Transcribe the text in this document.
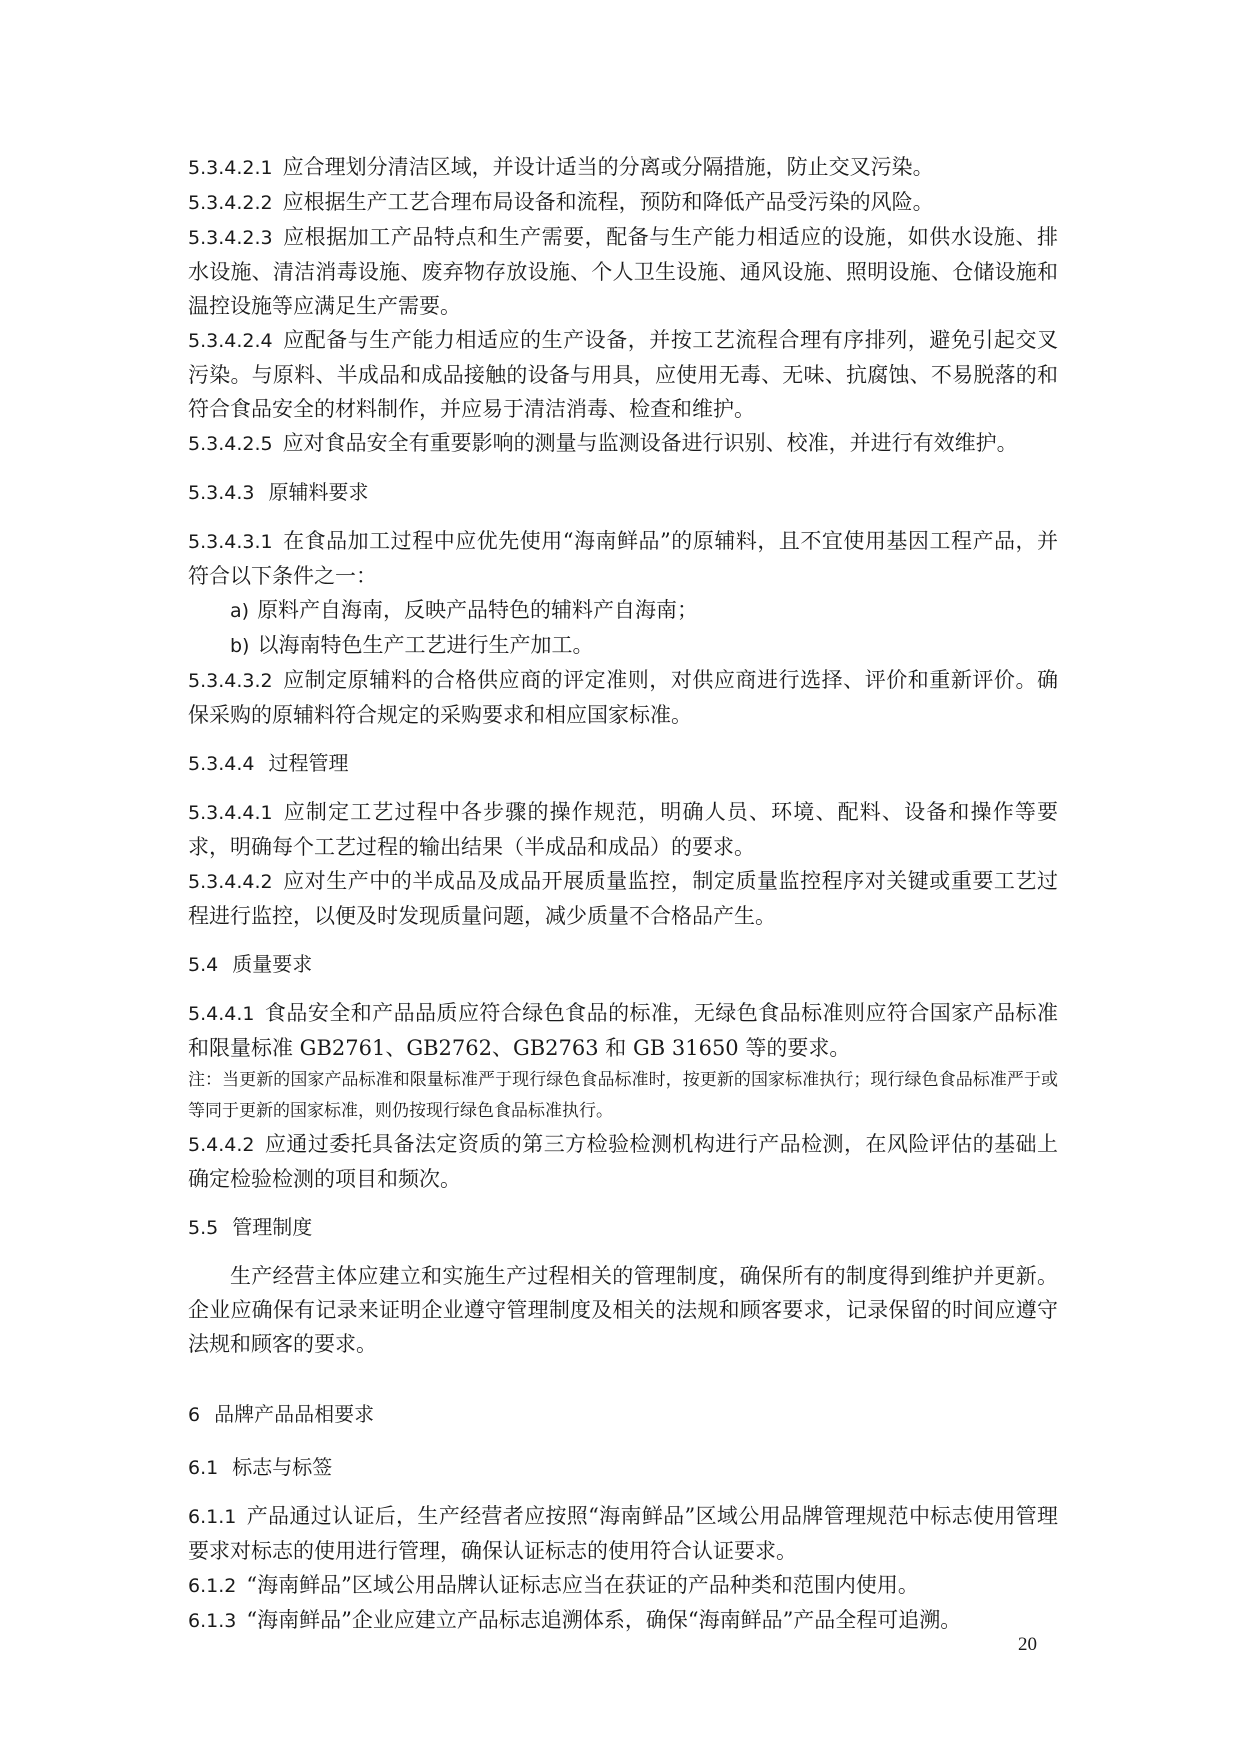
5.3.4.2.1 应合理划分清洁区域，并设计适当的分离或分隔措施，防止交叉污染。

5.3.4.2.2 应根据生产工艺合理布局设备和流程，预防和降低产品受污染的风险。

5.3.4.2.3 应根据加工产品特点和生产需要，配备与生产能力相适应的设施，如供水设施、排水设施、清洁消毒设施、废弃物存放设施、个人卫生设施、通风设施、照明设施、仓储设施和温控设施等应满足生产需要。

5.3.4.2.4 应配备与生产能力相适应的生产设备，并按工艺流程合理有序排列，避免引起交叉污染。与原料、半成品和成品接触的设备与用具，应使用无毒、无味、抗腐蚀、不易脱落的和符合食品安全的材料制作，并应易于清洁消毒、检查和维护。

5.3.4.2.5 应对食品安全有重要影响的测量与监测设备进行识别、校准，并进行有效维护。

5.3.4.3 原辅料要求

5.3.4.3.1 在食品加工过程中应优先使用“海南鲜品”的原辅料，且不宜使用基因工程产品，并符合以下条件之一：

a) 原料产自海南，反映产品特色的辅料产自海南；

b) 以海南特色生产工艺进行生产加工。

5.3.4.3.2 应制定原辅料的合格供应商的评定准则，对供应商进行选择、评价和重新评价。确保采购的原辅料符合规定的采购要求和相应国家标准。

5.3.4.4 过程管理

5.3.4.4.1 应制定工艺过程中各步骤的操作规范，明确人员、环境、配料、设备和操作等要求，明确每个工艺过程的输出结果（半成品和成品）的要求。

5.3.4.4.2 应对生产中的半成品及成品开展质量监控，制定质量监控程序对关键或重要工艺过程进行监控，以便及时发现质量问题，减少质量不合格品产生。

5.4 质量要求

5.4.4.1 食品安全和产品品质应符合绿色食品的标准，无绿色食品标准则应符合国家产品标准和限量标准 GB2761、GB2762、GB2763 和 GB 31650 等的要求。

注：当更新的国家产品标准和限量标准严于现行绿色食品标准时，按更新的国家标准执行；现行绿色食品标准严于或等同于更新的国家标准，则仍按现行绿色食品标准执行。

5.4.4.2 应通过委托具备法定资质的第三方检验检测机构进行产品检测，在风险评估的基础上确定检验检测的项目和频次。

5.5 管理制度

生产经营主体应建立和实施生产过程相关的管理制度，确保所有的制度得到维护并更新。企业应确保有记录来证明企业遵守管理制度及相关的法规和顾客要求，记录保留的时间应遵守法规和顾客的要求。

6 品牌产品品相要求
6.1 标志与标签

6.1.1 产品通过认证后，生产经营者应按照“海南鲜品”区域公用品牌管理规范中标志使用管理要求对标志的使用进行管理，确保认证标志的使用符合认证要求。

6.1.2 “海南鲜品”区域公用品牌认证标志应当在获证的产品种类和范围内使用。

6.1.3 “海南鲜品”企业应建立产品标志追溯体系，确保“海南鲜品”产品全程可追溯。

20
